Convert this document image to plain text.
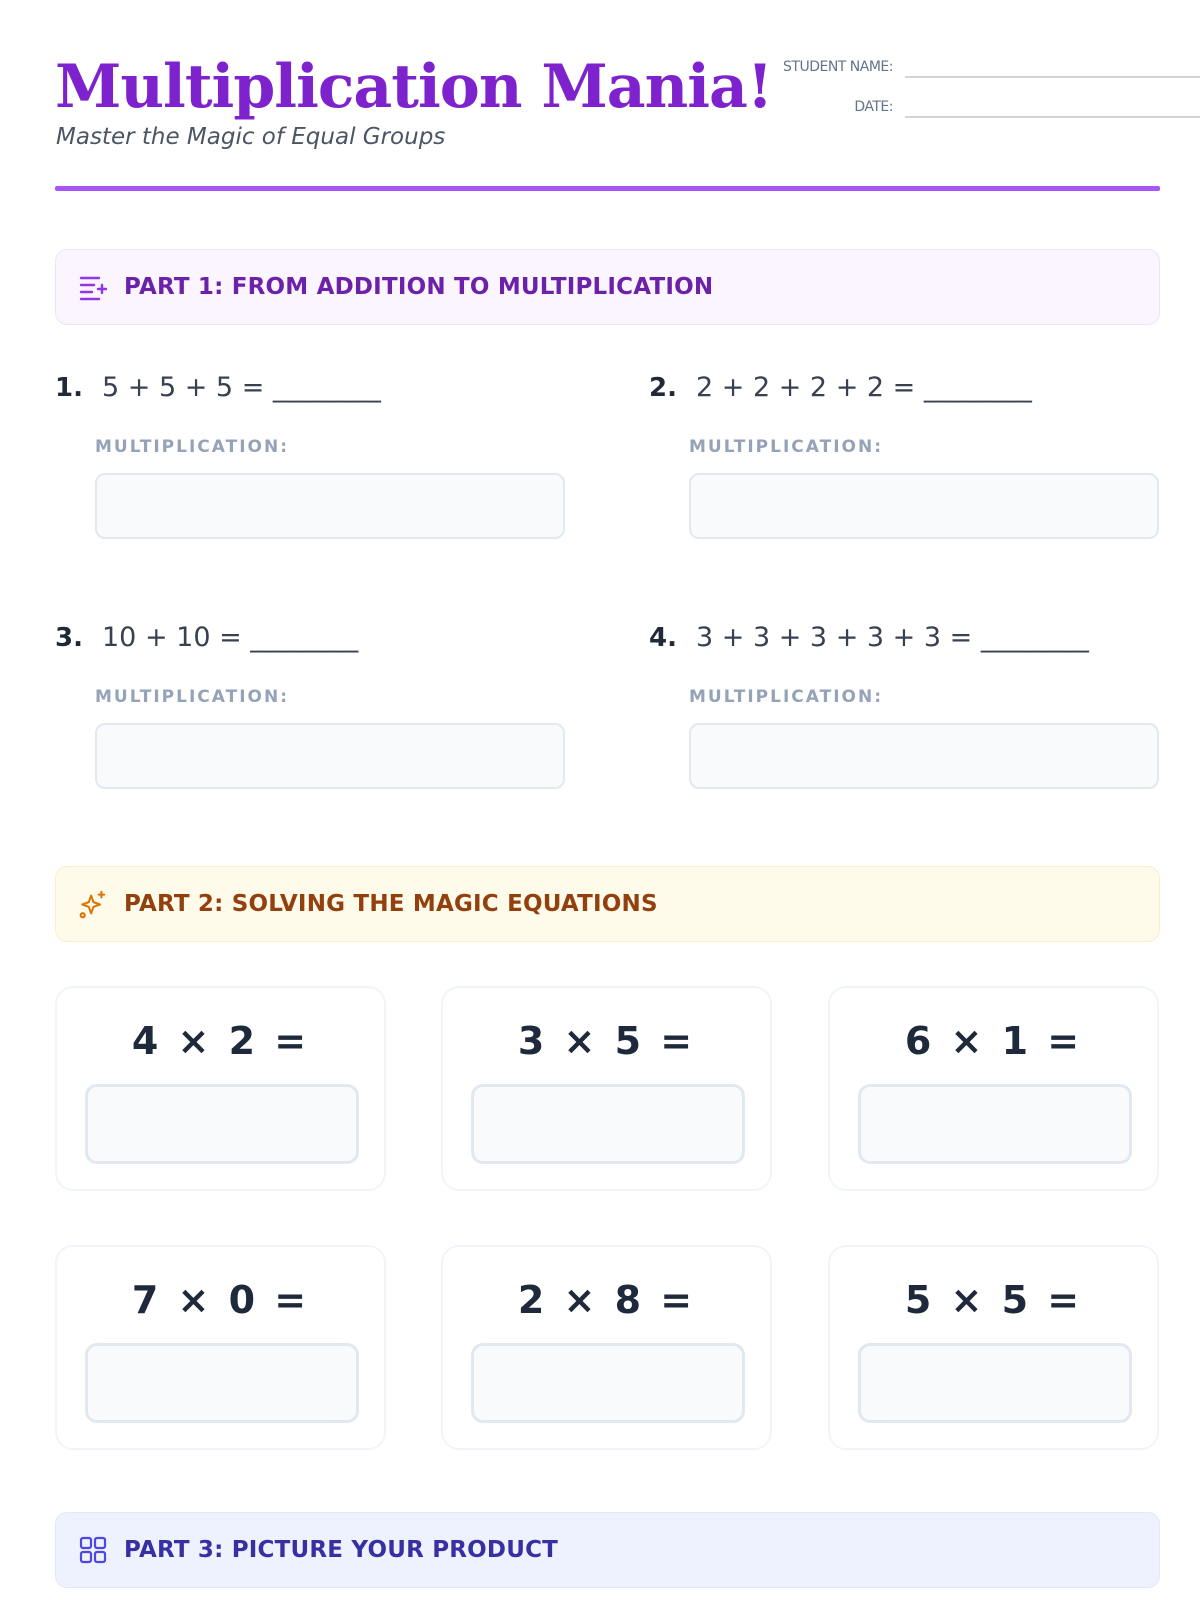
Multiplication Mania!
Master the Magic of Equal Groups
STUDENT NAME:
DATE:
PART 1: FROM ADDITION TO MULTIPLICATION
1. 5 + 5 + 5 = ________
MULTIPLICATION:
2. 2 + 2 + 2 + 2 = ________
MULTIPLICATION:
3. 10 + 10 = ________
MULTIPLICATION:
4. 3 + 3 + 3 + 3 + 3 = ________
MULTIPLICATION:
PART 2: SOLVING THE MAGIC EQUATIONS
4 × 2 =	3 × 5 =	6 × 1 =
7 × 0 =	2 × 8 =	5 × 5 =
PART 3: PICTURE YOUR PRODUCT
